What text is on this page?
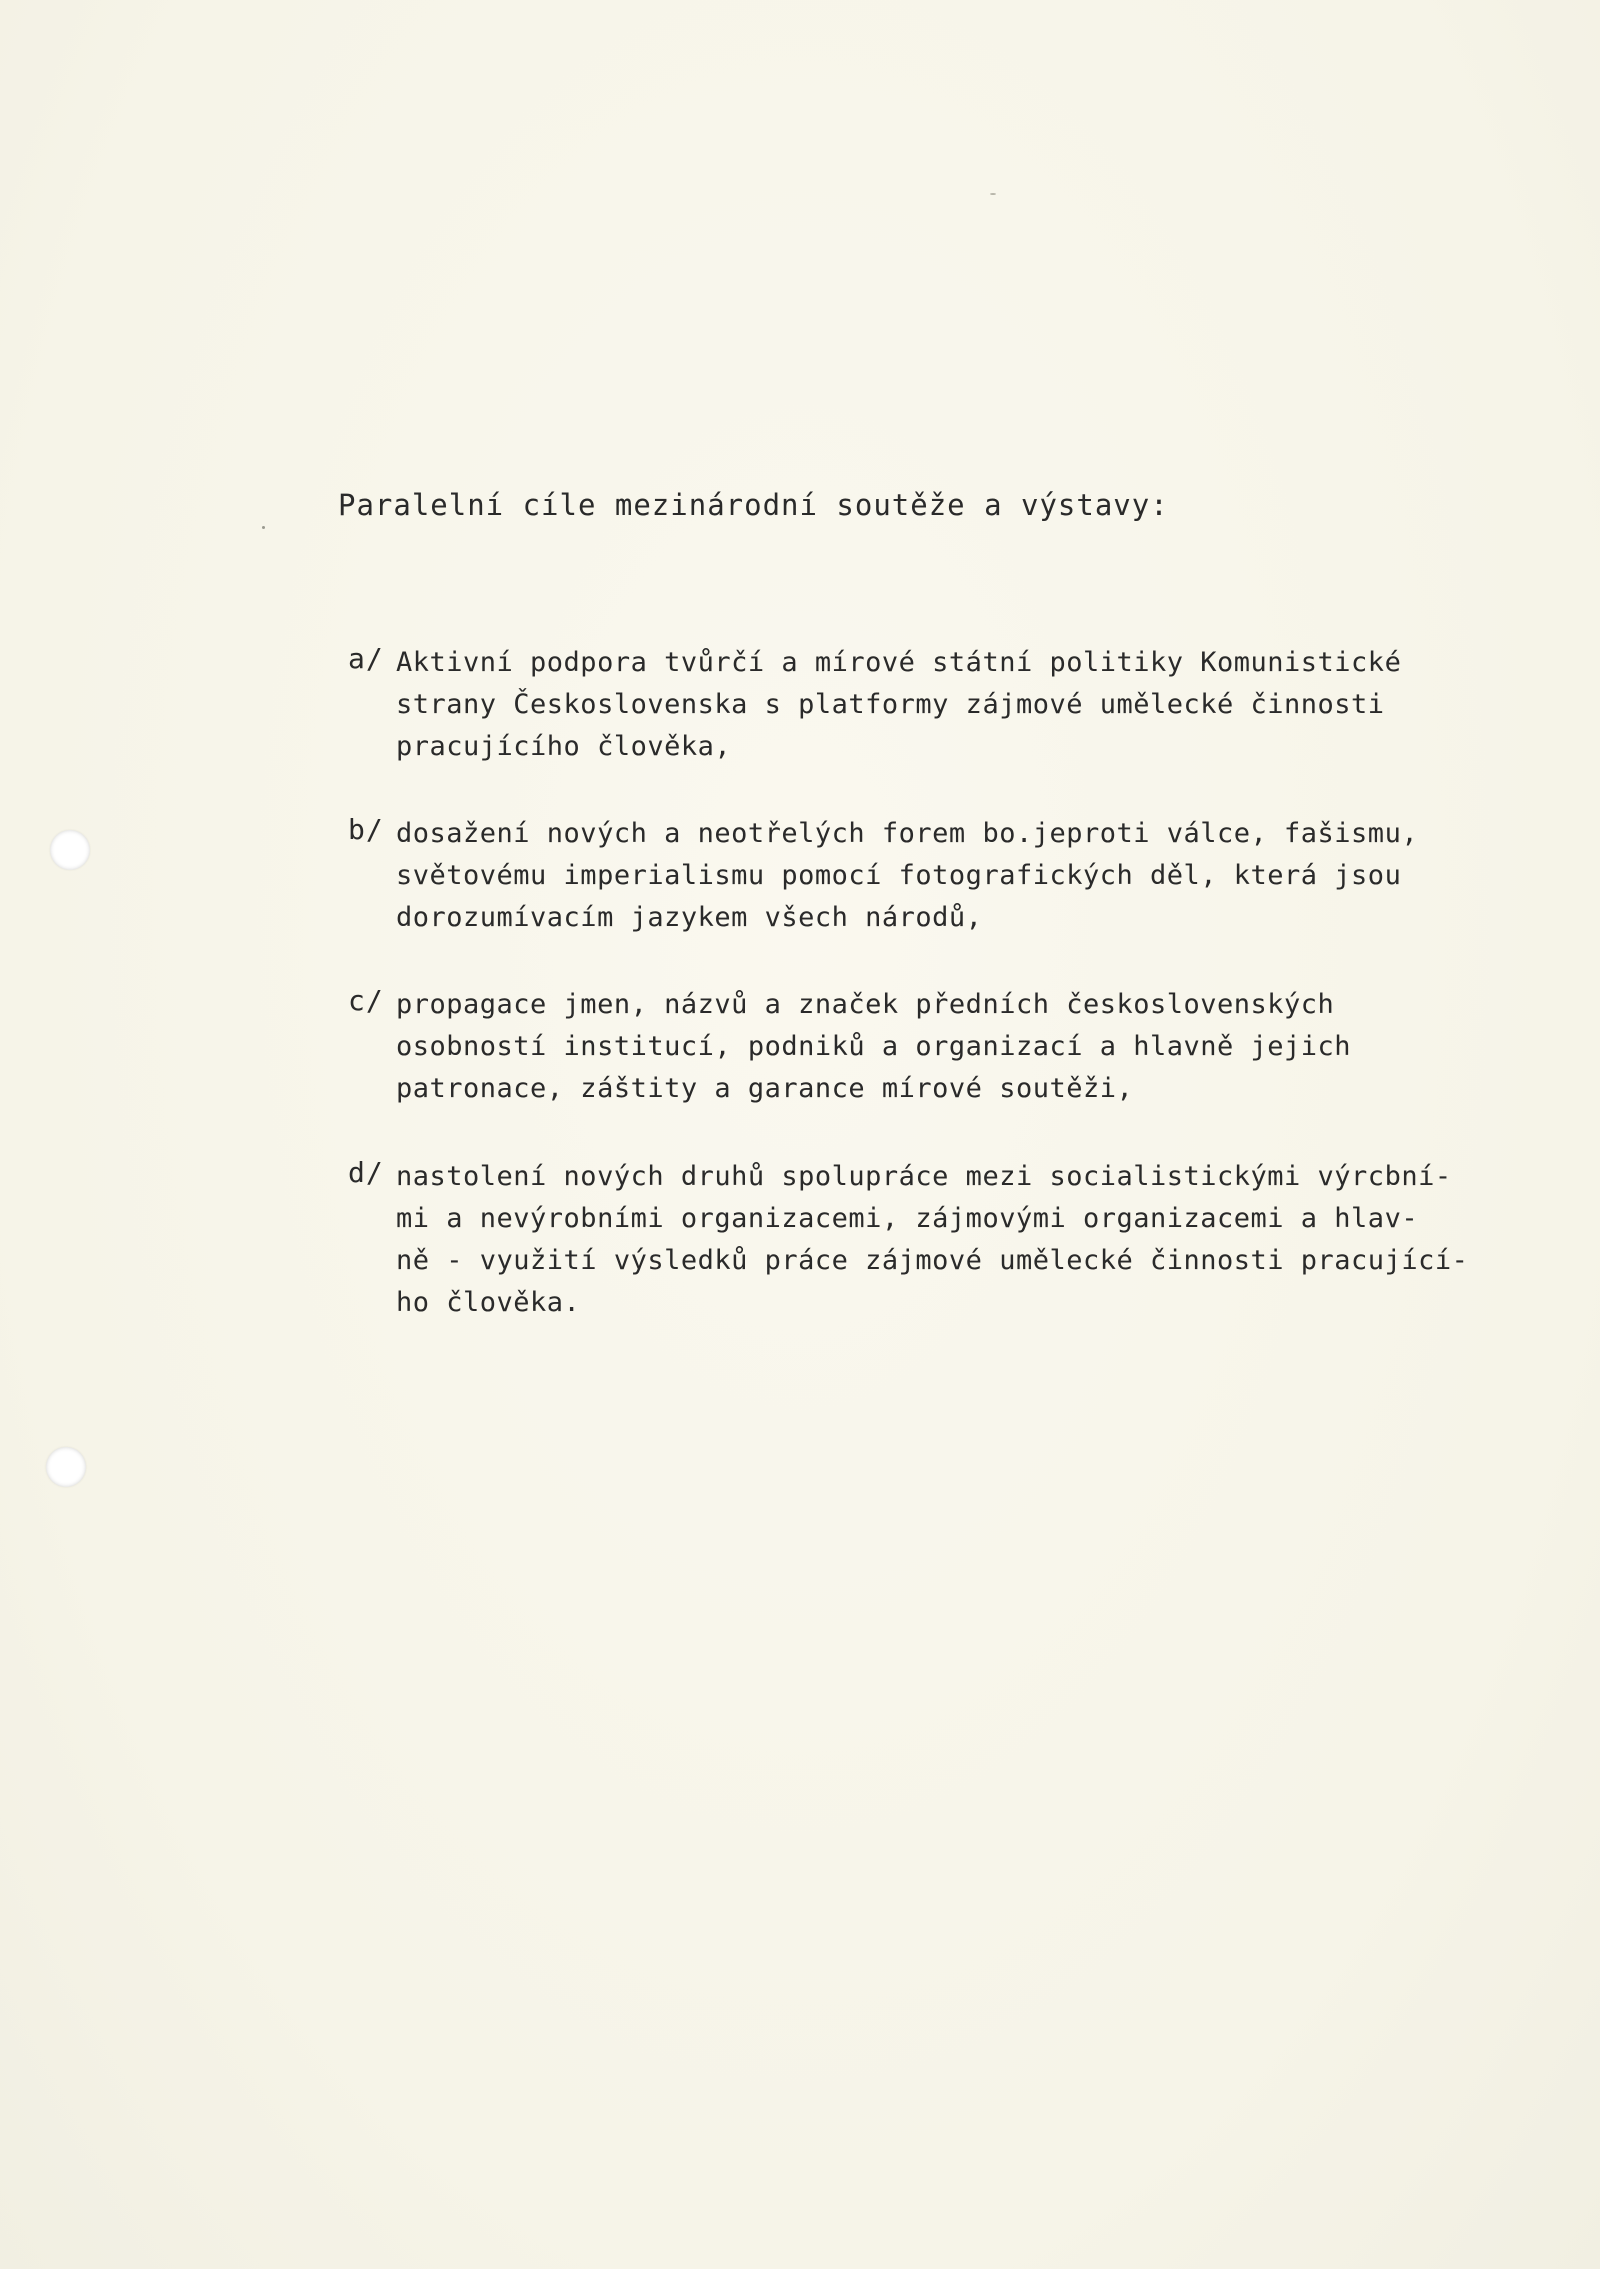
Paralelní cíle mezinárodní soutěže a výstavy:
a/ Aktivní podpora tvůrčí a mírové státní politiky Komunistické
strany Československa s platformy zájmové umělecké činnosti
pracujícího člověka,
b/ dosažení nových a neotřelých forem bo.jeproti válce, fašismu,
světovému imperialismu pomocí fotografických děl, která jsou
dorozumívacím jazykem všech národů,
c/ propagace jmen, názvů a značek předních československých
osobností institucí, podniků a organizací a hlavně jejich
patronace, záštity a garance mírové soutěži,
d/ nastolení nových druhů spolupráce mezi socialistickými výrcbní-
mi a nevýrobními organizacemi, zájmovými organizacemi a hlav-
ně - využití výsledků práce zájmové umělecké činnosti pracující-
ho člověka.
